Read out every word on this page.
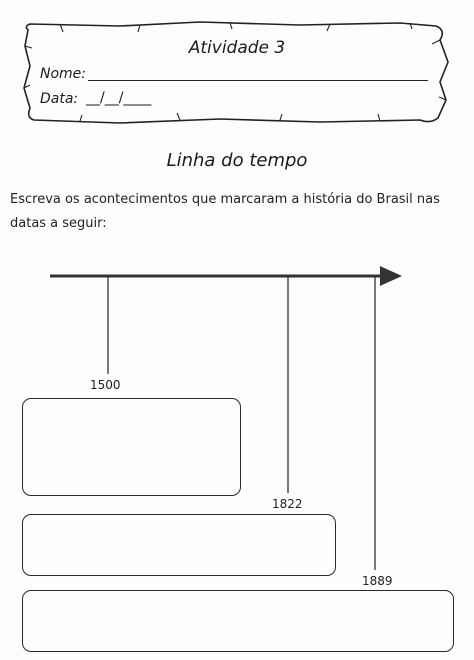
Atividade 3
Nome:
Data: __/__/____
Linha do tempo
Escreva os acontecimentos que marcaram a história do Brasil nas datas a seguir:
1500
1822
1889
